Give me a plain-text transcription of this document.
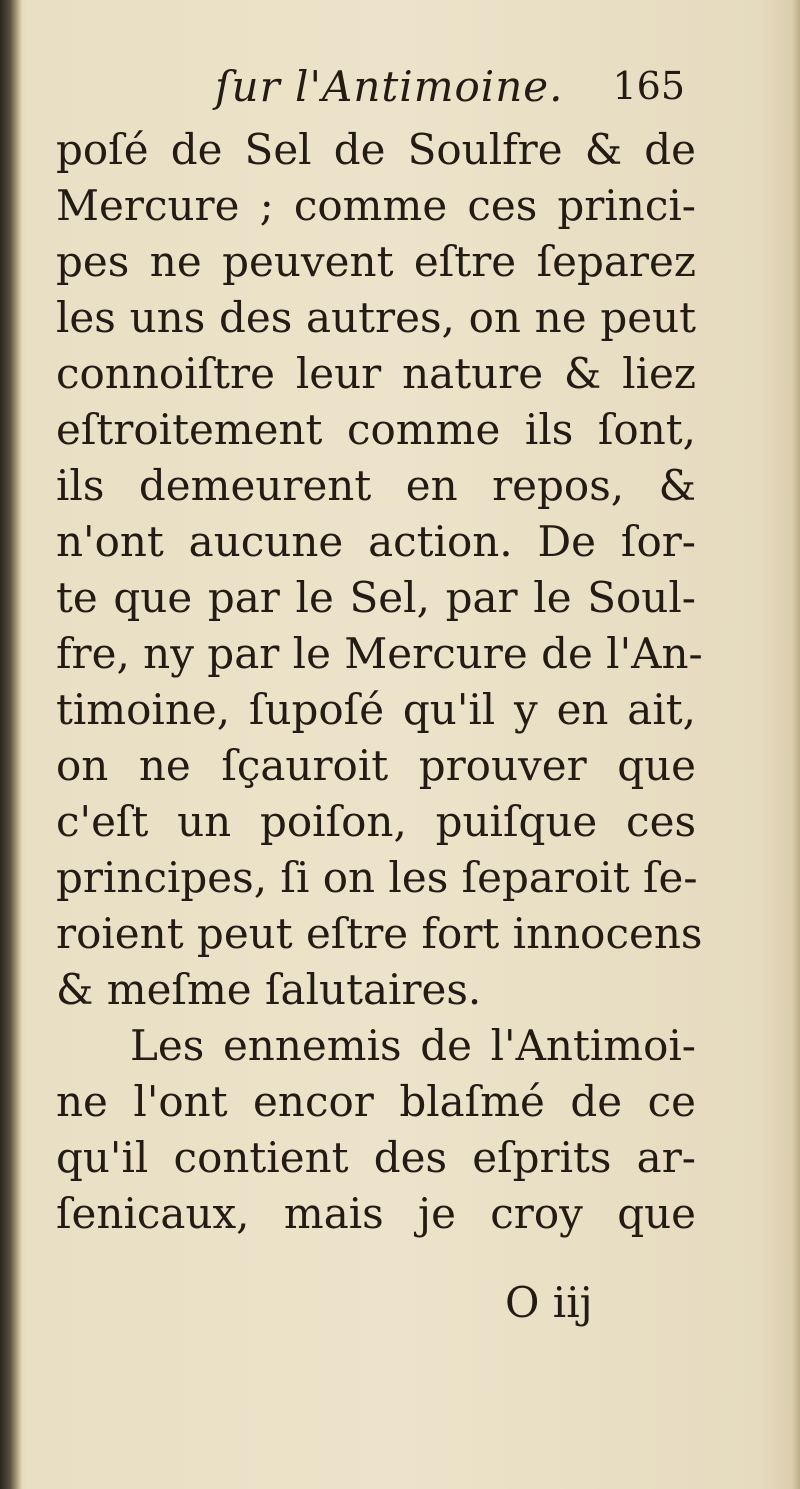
ſur l'Antimoine. 165
poſé de Sel de Soulfre & de
Mercure ; comme ces princi-
pes ne peuvent eſtre ſeparez
les uns des autres, on ne peut
connoiſtre leur nature & liez
eſtroitement comme ils ſont,
ils demeurent en repos, &
n'ont aucune action. De ſor-
te que par le Sel, par le Soul-
fre, ny par le Mercure de l'An-
timoine, ſupoſé qu'il y en ait,
on ne ſçauroit prouver que
c'eſt un poiſon, puiſque ces
principes, ſi on les ſeparoit ſe-
roient peut eſtre fort innocens
& meſme ſalutaires.
Les ennemis de l'Antimoi-
ne l'ont encor blaſmé de ce
qu'il contient des eſprits ar-
ſenicaux, mais je croy que
O iij
